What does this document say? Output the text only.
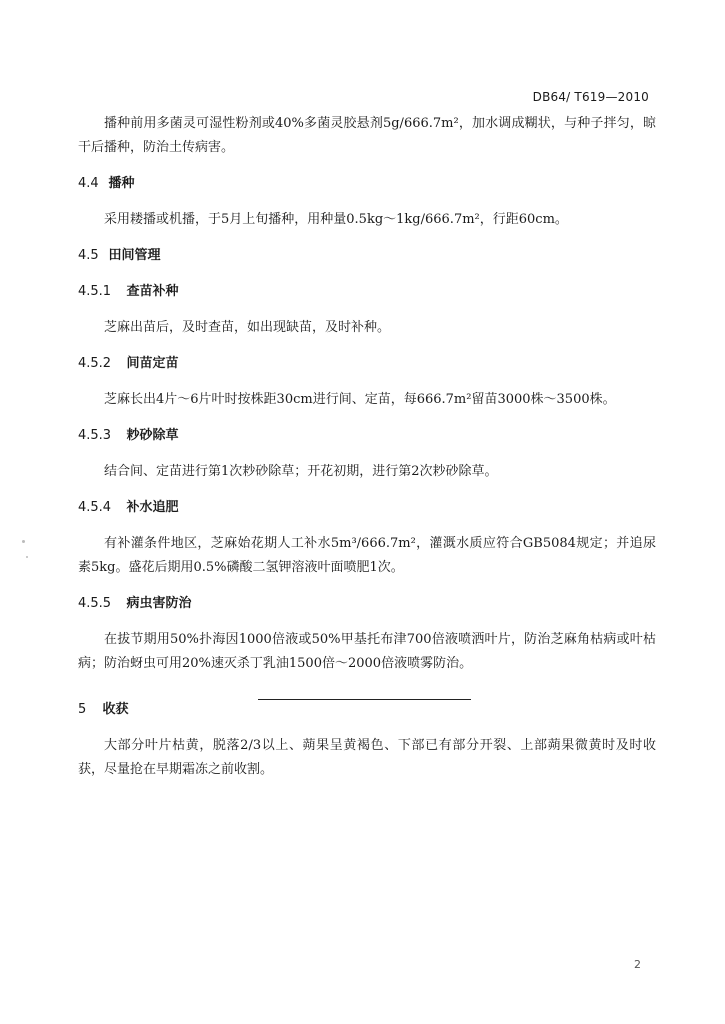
DB64/ T619—2010

播种前用多菌灵可湿性粉剂或40%多菌灵胶悬剂5g/666.7m²，加水调成糊状，与种子拌匀，晾干后播种，防治土传病害。

4.4 播种

采用耧播或机播，于5月上旬播种，用种量0.5kg～1kg/666.7m²，行距60cm。

4.5 田间管理
4.5.1 查苗补种

芝麻出苗后，及时查苗，如出现缺苗，及时补种。

4.5.2 间苗定苗

芝麻长出4片～6片叶时按株距30cm进行间、定苗，每666.7m²留苗3000株～3500株。

4.5.3 耖砂除草

结合间、定苗进行第1次耖砂除草；开花初期，进行第2次耖砂除草。

4.5.4 补水追肥

有补灌条件地区，芝麻始花期人工补水5m³/666.7m²，灌溉水质应符合GB5084规定；并追尿素5kg。盛花后期用0.5%磷酸二氢钾溶液叶面喷肥1次。

4.5.5 病虫害防治

在拔节期用50%扑海因1000倍液或50%甲基托布津700倍液喷洒叶片，防治芝麻角枯病或叶枯病；防治蚜虫可用20%速灭杀丁乳油1500倍～2000倍液喷雾防治。

5 收获

大部分叶片枯黄，脱落2/3以上、蒴果呈黄褐色、下部已有部分开裂、上部蒴果微黄时及时收获，尽量抢在早期霜冻之前收割。

2
